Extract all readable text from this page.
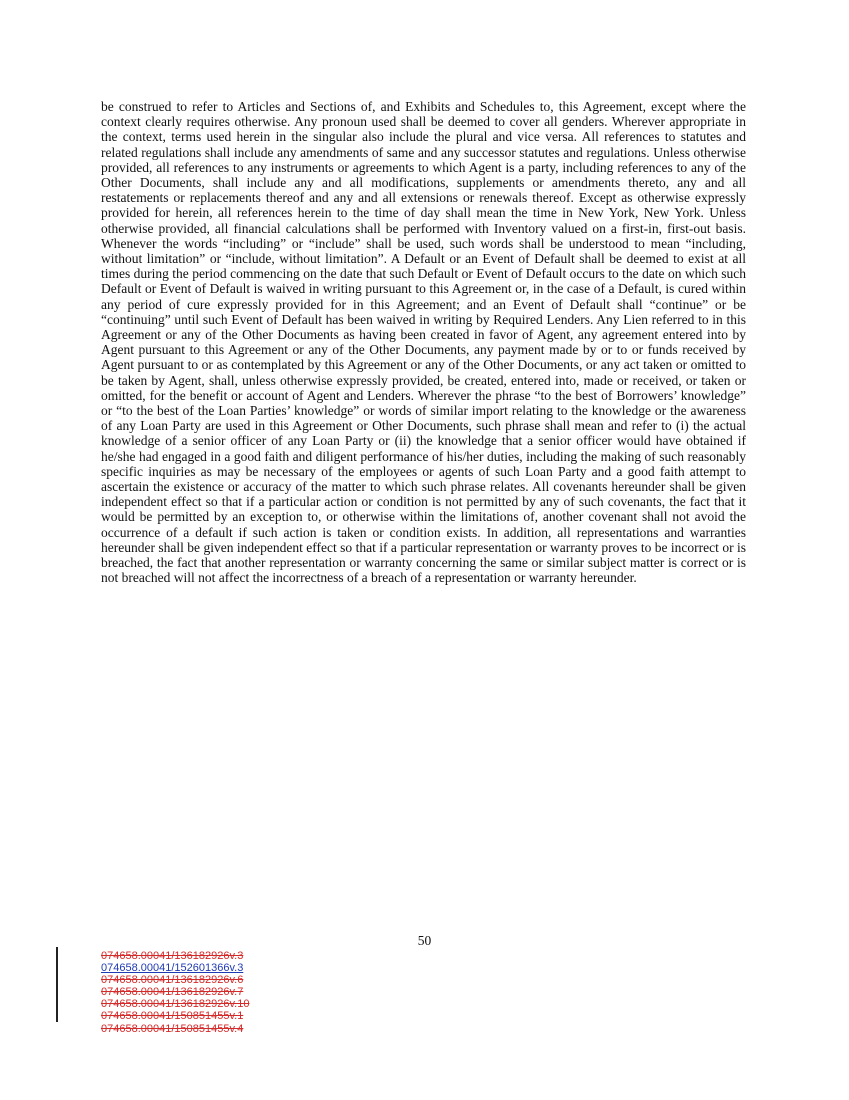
be construed to refer to Articles and Sections of, and Exhibits and Schedules to, this Agreement, except where the context clearly requires otherwise. Any pronoun used shall be deemed to cover all genders. Wherever appropriate in the context, terms used herein in the singular also include the plural and vice versa. All references to statutes and related regulations shall include any amendments of same and any successor statutes and regulations. Unless otherwise provided, all references to any instruments or agreements to which Agent is a party, including references to any of the Other Documents, shall include any and all modifications, supplements or amendments thereto, any and all restatements or replacements thereof and any and all extensions or renewals thereof. Except as otherwise expressly provided for herein, all references herein to the time of day shall mean the time in New York, New York. Unless otherwise provided, all financial calculations shall be performed with Inventory valued on a first-in, first-out basis. Whenever the words “including” or “include” shall be used, such words shall be understood to mean “including, without limitation” or “include, without limitation”. A Default or an Event of Default shall be deemed to exist at all times during the period commencing on the date that such Default or Event of Default occurs to the date on which such Default or Event of Default is waived in writing pursuant to this Agreement or, in the case of a Default, is cured within any period of cure expressly provided for in this Agreement; and an Event of Default shall “continue” or be “continuing” until such Event of Default has been waived in writing by Required Lenders. Any Lien referred to in this Agreement or any of the Other Documents as having been created in favor of Agent, any agreement entered into by Agent pursuant to this Agreement or any of the Other Documents, any payment made by or to or funds received by Agent pursuant to or as contemplated by this Agreement or any of the Other Documents, or any act taken or omitted to be taken by Agent, shall, unless otherwise expressly provided, be created, entered into, made or received, or taken or omitted, for the benefit or account of Agent and Lenders. Wherever the phrase “to the best of Borrowers’ knowledge” or “to the best of the Loan Parties’ knowledge” or words of similar import relating to the knowledge or the awareness of any Loan Party are used in this Agreement or Other Documents, such phrase shall mean and refer to (i) the actual knowledge of a senior officer of any Loan Party or (ii) the knowledge that a senior officer would have obtained if he/she had engaged in a good faith and diligent performance of his/her duties, including the making of such reasonably specific inquiries as may be necessary of the employees or agents of such Loan Party and a good faith attempt to ascertain the existence or accuracy of the matter to which such phrase relates. All covenants hereunder shall be given independent effect so that if a particular action or condition is not permitted by any of such covenants, the fact that it would be permitted by an exception to, or otherwise within the limitations of, another covenant shall not avoid the occurrence of a default if such action is taken or condition exists. In addition, all representations and warranties hereunder shall be given independent effect so that if a particular representation or warranty proves to be incorrect or is breached, the fact that another representation or warranty concerning the same or similar subject matter is correct or is not breached will not affect the incorrectness of a breach of a representation or warranty hereunder.

50
074658.00041/136182926v.3
074658.00041/152601366v.3
074658.00041/136182926v.6
074658.00041/136182926v.7
074658.00041/136182926v.10
074658.00041/150851455v.1
074658.00041/150851455v.4
